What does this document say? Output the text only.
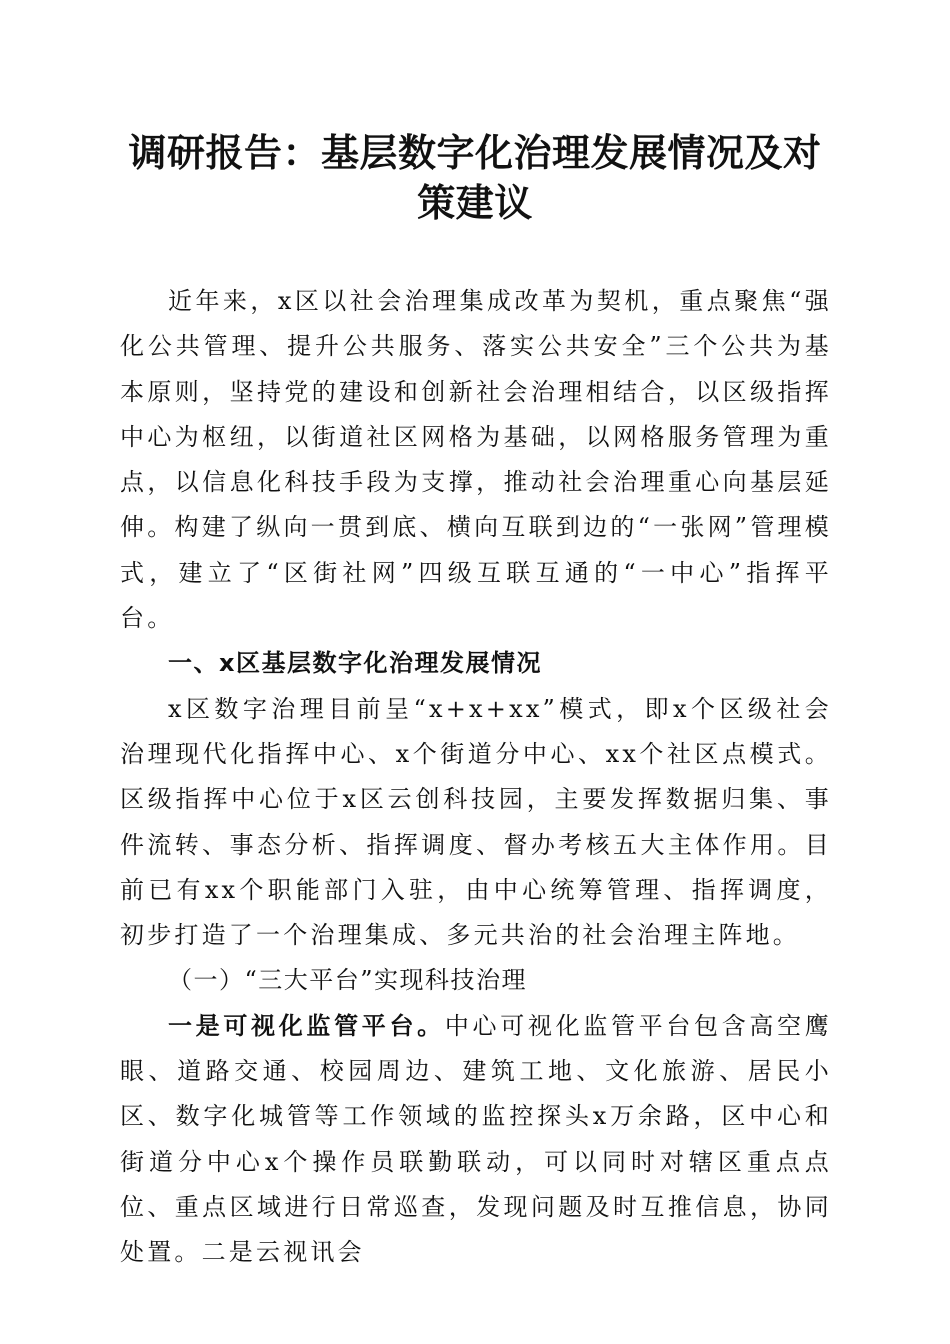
调研报告：基层数字化治理发展情况及对策建议

近年来，x区以社会治理集成改革为契机，重点聚焦“强化公共管理、提升公共服务、落实公共安全”三个公共为基本原则，坚持党的建设和创新社会治理相结合，以区级指挥中心为枢纽，以街道社区网格为基础，以网格服务管理为重点，以信息化科技手段为支撑，推动社会治理重心向基层延伸。构建了纵向一贯到底、横向互联到边的“一张网”管理模式，建立了“区街社网”四级互联互通的“一中心”指挥平台。

一、x区基层数字化治理发展情况

x区数字治理目前呈“x+x+xx”模式，即x个区级社会治理现代化指挥中心、x个街道分中心、xx个社区点模式。区级指挥中心位于x区云创科技园，主要发挥数据归集、事件流转、事态分析、指挥调度、督办考核五大主体作用。目前已有xx个职能部门入驻，由中心统筹管理、指挥调度，初步打造了一个治理集成、多元共治的社会治理主阵地。

（一）“三大平台”实现科技治理

一是可视化监管平台。中心可视化监管平台包含高空鹰眼、道路交通、校园周边、建筑工地、文化旅游、居民小区、数字化城管等工作领域的监控探头x万余路，区中心和街道分中心x个操作员联勤联动，可以同时对辖区重点点位、重点区域进行日常巡查，发现问题及时互推信息，协同处置。二是云视讯会
